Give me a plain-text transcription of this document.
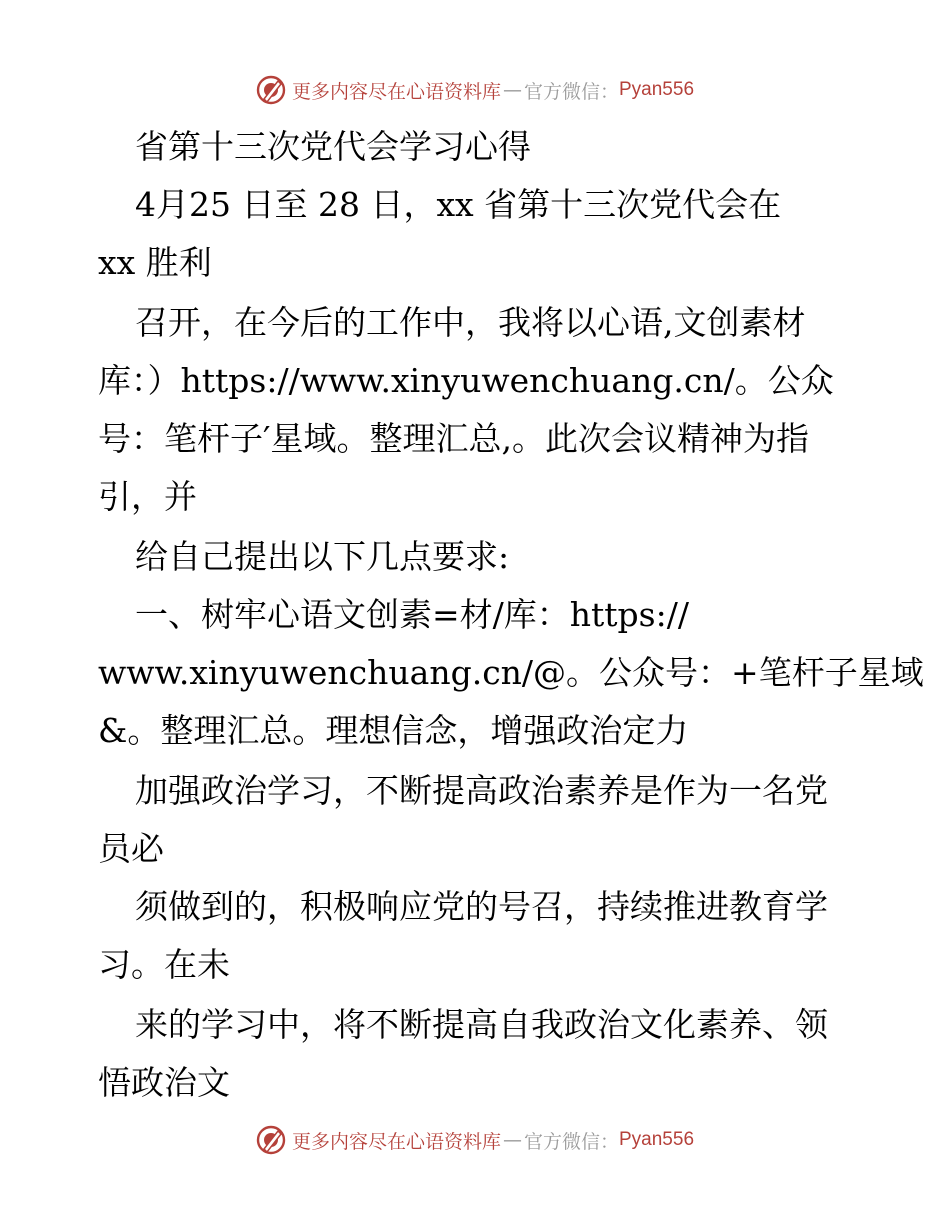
更多内容尽在心语资料库 — 官方微信： Pyan556
省第十三次党代会学习心得
4月25 日至 28 日，xx 省第十三次党代会在
xx 胜利
召开，在今后的工作中，我将以心语,文创素材
库：）https://www.xinyuwenchuang.cn/。公众
号：笔杆子′星域。整理汇总,。此次会议精神为指
引，并
给自己提出以下几点要求:
一、树牢心语文创素=材/库：https://
www.xinyuwenchuang.cn/@。公众号：+笔杆子星域
&。整理汇总。理想信念，增强政治定力
加强政治学习，不断提高政治素养是作为一名党
员必
须做到的，积极响应党的号召，持续推进教育学
习。在未
来的学习中，将不断提高自我政治文化素养、领
悟政治文
更多内容尽在心语资料库 — 官方微信： Pyan556
